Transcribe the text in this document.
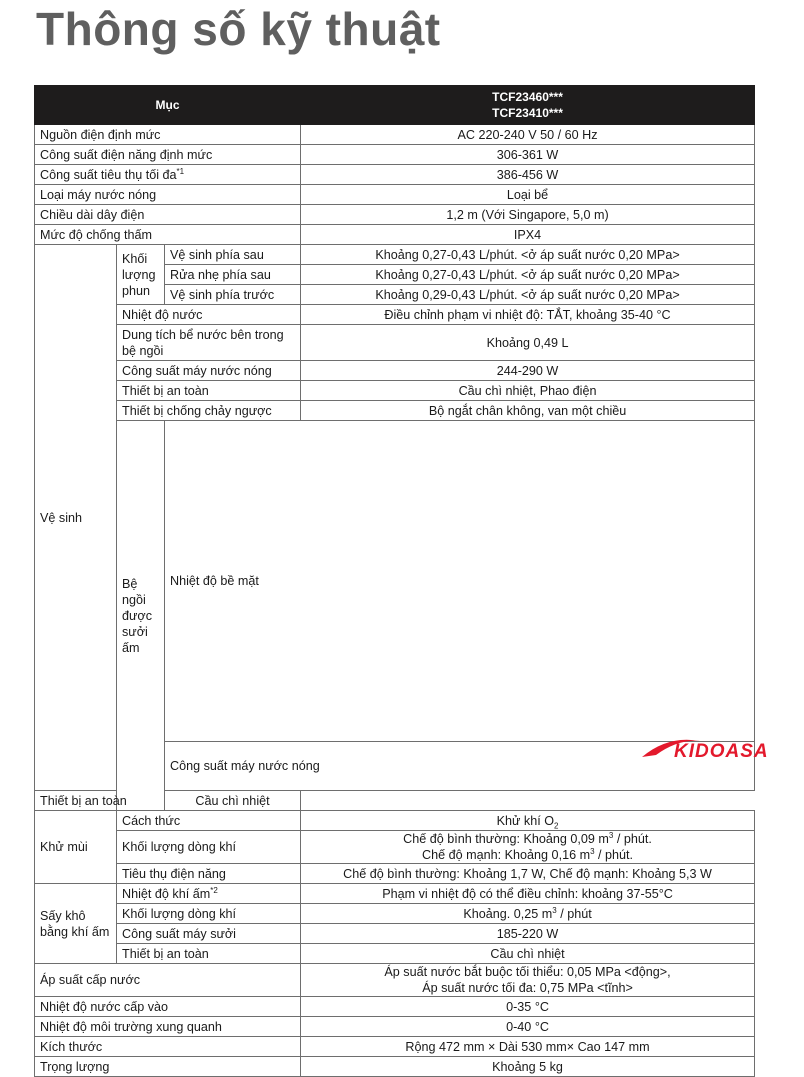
Thông số kỹ thuật
Mục			TCF23460***
TCF23410***	

Nguồn điện định mức			AC 220-240 V 50 / 60 Hz	
Công suất điện năng định mức			306-361 W	
Công suất tiêu thụ tối $đa^{*1}$			386-456 W	
Loại máy nước nóng			Loại bể	
Chiều dài dây điện			1,2 m (Với Singapore, 5,0 m)	
Mức độ chống thấm			IPX4	
Vệ sinh	Khối lượng phun	Vệ sinh phía sau	Khoảng 0,27-0,43 L/phút. <ở áp suất nước 0,20 MPa>	
		Rửa nhẹ phía sau	Khoảng 0,27-0,43 L/phút. <ở áp suất nước 0,20 MPa>	
		Vệ sinh phía trước	Khoảng 0,29-0,43 L/phút. <ở áp suất nước 0,20 MPa>	
	Nhiệt độ nước		Điều chỉnh phạm vi nhiệt độ: TẮT, khoảng 35-40 °C	
	Dung tích bể nước bên trong bệ ngồi		Khoảng 0,49 L	
	Công suất máy nước nóng		244-290 W	
	Thiết bị an toàn		Cầu chì nhiệt, Phao điện	
	Thiết bị chống chảy ngược		Bộ ngắt chân không, van một chiều	
	Bệ ngồi được sưởi ấm	Nhiệt độ bề mặt	

		Công suất máy nước nóng	
Thiết bị an toàn		Cầu chì nhiệt		
Khử mùi	Cách thức		Khử khí $O_2$
	Khối lượng dòng khí		Chế độ bình thường: Khoảng 0,09 $m^3$ / phút.
Chế độ mạnh: Khoảng 0,16 $m^3$ / phút.	

	Tiêu thụ điện năng		Chế độ bình thường: Khoảng 1,7 W, Chế độ mạnh: Khoảng 5,3 W	
Sấy khô bằng khí ấm	Nhiệt độ khí ấm$^{*2}$		Phạm vi nhiệt độ có thể điều chỉnh: khoảng 37-55°C	
	Khối lượng dòng khí		Khoảng. 0,25 $m^3$ / phút	
	Công suất máy sưởi		185-220 W	
	Thiết bị an toàn		Cầu chì nhiệt	
Áp suất cấp nước			Áp suất nước bắt buộc tối thiểu: 0,05 MPa <động>,
Áp suất nước tối đa: 0,75 MPa <tĩnh>	

Nhiệt độ nước cấp vào			0-35 °C	
Nhiệt độ môi trường xung quanh			0-40 °C	
Kích thước			Rộng 472 mm × Dài 530 mm× Cao 147 mm	
Trọng lượng			Khoảng 5 kg	
KIDOASA
